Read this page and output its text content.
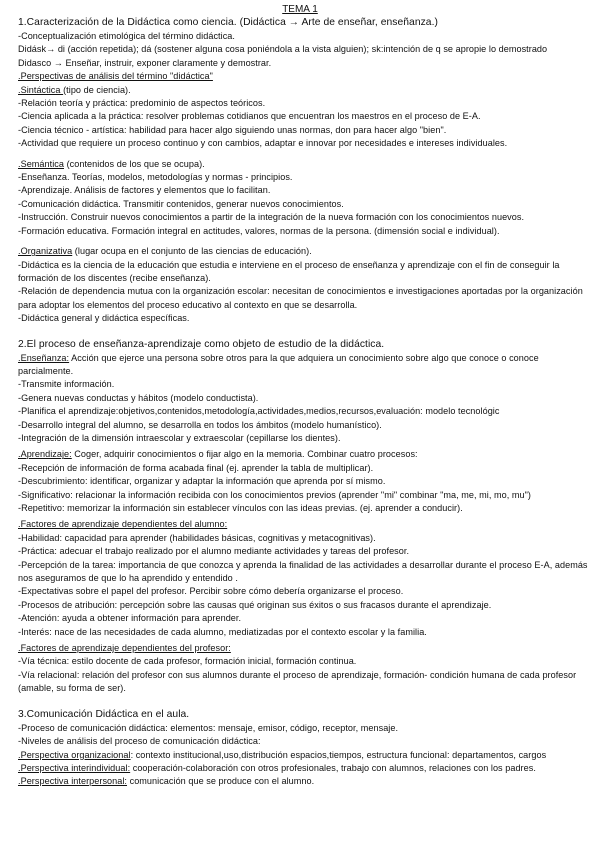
TEMA 1

1.Caracterización de la Didáctica como ciencia. (Didáctica → Arte de enseñar, enseñanza.)

-Conceptualización etimológica del término didáctica.

Didásk→ di (acción repetida); dá (sostener alguna cosa poniéndola a la vista alguien); sk:intención de q se apropie lo demostrado

Didasco → Enseñar, instruir, exponer claramente y demostrar.

.Perspectivas de análisis del término "didáctica"

.Sintáctica (tipo de ciencia).

-Relación teoría y práctica: predominio de aspectos teóricos.

-Ciencia aplicada a la práctica: resolver problemas cotidianos que encuentran los maestros en el proceso de E-A.

-Ciencia técnico - artística: habilidad para hacer algo siguiendo unas normas, don para hacer algo "bien".

-Actividad que requiere un proceso continuo y con cambios, adaptar e innovar por necesidades e intereses individuales.

.Semántica (contenidos de los que se ocupa).

-Enseñanza. Teorías, modelos, metodologías y normas - principios.

-Aprendizaje. Análisis de factores y elementos que lo facilitan.

-Comunicación didáctica. Transmitir contenidos, generar nuevos conocimientos.

-Instrucción. Construir nuevos conocimientos a partir de la integración de la nueva formación con los conocimientos nuevos.

-Formación educativa. Formación integral en actitudes, valores, normas de la persona. (dimensión social e individual).

.Organizativa (lugar ocupa en el conjunto de las ciencias de educación).

-Didáctica es la ciencia de la educación que estudia e interviene en el proceso de enseñanza y aprendizaje con el fin de conseguir la formación de los discentes (recibe enseñanza).

-Relación de dependencia mutua con la organización escolar: necesitan de conocimientos e investigaciones aportadas por la organización para adoptar los elementos del proceso educativo al contexto en que se desarrolla.

-Didáctica general y didáctica específicas.

2.El proceso de enseñanza-aprendizaje como objeto de estudio de la didáctica.

.Enseñanza: Acción que ejerce una persona sobre otros para la que adquiera un conocimiento sobre algo que conoce o conoce parcialmente.

-Transmite información.

-Genera nuevas conductas y hábitos (modelo conductista).

-Planifica el aprendizaje:objetivos,contenidos,metodología,actividades,medios,recursos,evaluación: modelo tecnológic

-Desarrollo integral del alumno, se desarrolla en todos los ámbitos (modelo humanístico).

-Integración de la dimensión intraescolar y extraescolar (cepillarse los dientes).

.Aprendizaje: Coger, adquirir conocimientos o fijar algo en la memoria. Combinar cuatro procesos:

-Recepción de información de forma acabada final (ej. aprender la tabla de multiplicar).

-Descubrimiento: identificar, organizar y adaptar la información que aprenda por sí mismo.

-Significativo: relacionar la información recibida con los conocimientos previos (aprender "mi" combinar "ma, me, mi, mo, mu")

-Repetitivo: memorizar la información sin establecer vínculos con las ideas previas. (ej. aprender a conducir).

.Factores de aprendizaje dependientes del alumno:

-Habilidad: capacidad para aprender (habilidades básicas, cognitivas y metacognitivas).

-Práctica: adecuar el trabajo realizado por el alumno mediante actividades y tareas del profesor.

-Percepción de la tarea: importancia de que conozca y aprenda la finalidad de las actividades a desarrollar durante el proceso E-A, además nos aseguramos de que lo ha aprendido y entendido .

-Expectativas sobre el papel del profesor. Percibir sobre cómo debería organizarse el proceso.

-Procesos de atribución: percepción sobre las causas qué originan sus éxitos o sus fracasos durante el aprendizaje.

-Atención: ayuda a obtener información para aprender.

-Interés: nace de las necesidades de cada alumno, mediatizadas por el contexto escolar y la familia.

.Factores de aprendizaje dependientes del profesor:

-Vía técnica: estilo docente de cada profesor, formación inicial, formación continua.

-Vía relacional: relación del profesor con sus alumnos durante el proceso de aprendizaje, formación- condición humana de cada profesor (amable, su forma de ser).

3.Comunicación Didáctica en el aula.

-Proceso de comunicación didáctica: elementos: mensaje, emisor, código, receptor, mensaje.

-Niveles de análisis del proceso de comunicación didáctica:

.Perspectiva organizacional: contexto institucional,uso,distribución espacios,tiempos, estructura funcional: departamentos, cargos

.Perspectiva interindividual: cooperación-colaboración con otros profesionales, trabajo con alumnos, relaciones con los padres.

.Perspectiva interpersonal: comunicación que se produce con el alumno.
